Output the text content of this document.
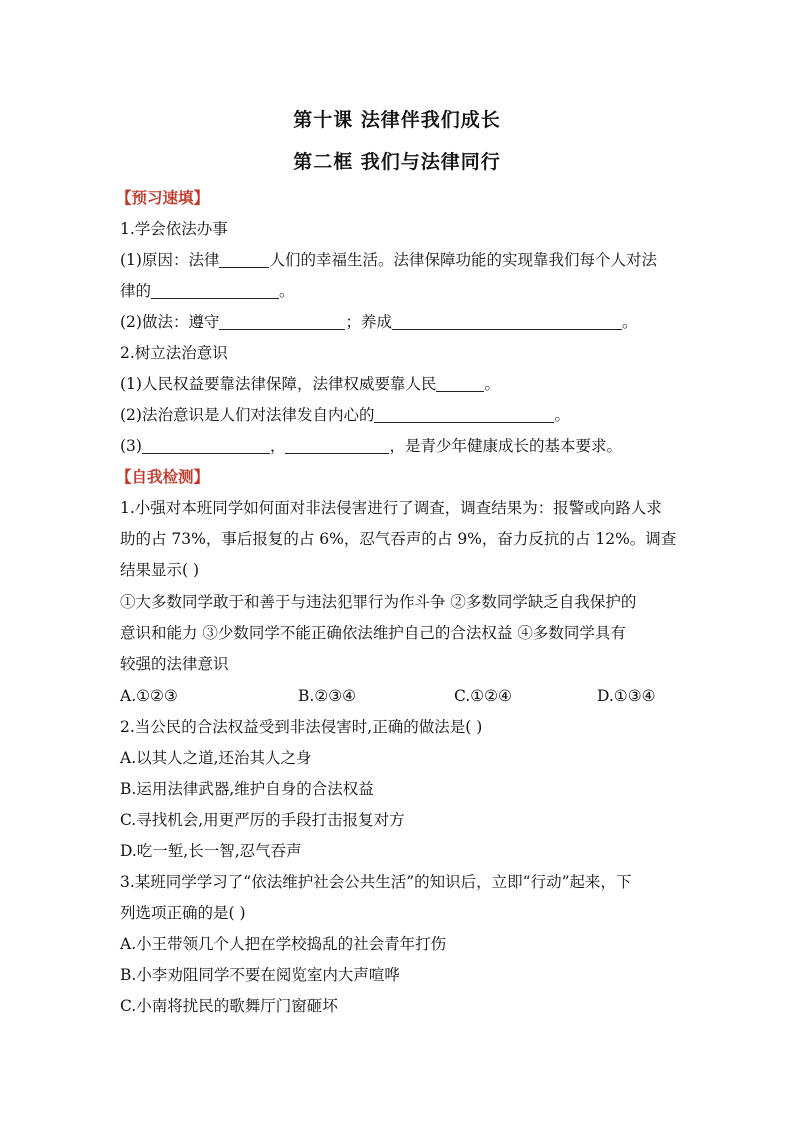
第十课 法律伴我们成长
第二框 我们与法律同行
【预习速填】
1.学会依法办事
(1)原因：法律	人们的幸福生活。法律保障功能的实现靠我们每个人对法
律的	。
(2)做法：遵守	；养成	。
2.树立法治意识
(1)人民权益要靠法律保障，法律权威要靠人民	。
(2)法治意识是人们对法律发自内心的	。
(3)	，	，是青少年健康成长的基本要求。
【自我检测】
1.小强对本班同学如何面对非法侵害进行了调查，调查结果为：报警或向路人求
助的占 73%，事后报复的占 6%，忍气吞声的占 9%，奋力反抗的占 12%。调查
结果显示( )
①大多数同学敢于和善于与违法犯罪行为作斗争 ②多数同学缺乏自我保护的
意识和能力 ③少数同学不能正确依法维护自己的合法权益 ④多数同学具有
较强的法律意识
A.①②③	B.②③④	C.①②④	D.①③④
2.当公民的合法权益受到非法侵害时,正确的做法是( )
A.以其人之道,还治其人之身
B.运用法律武器,维护自身的合法权益
C.寻找机会,用更严厉的手段打击报复对方
D.吃一堑,长一智,忍气吞声
3.某班同学学习了“依法维护社会公共生活”的知识后，立即“行动”起来，下
列选项正确的是( )
A.小王带领几个人把在学校捣乱的社会青年打伤
B.小李劝阻同学不要在阅览室内大声喧哗
C.小南将扰民的歌舞厅门窗砸坏
